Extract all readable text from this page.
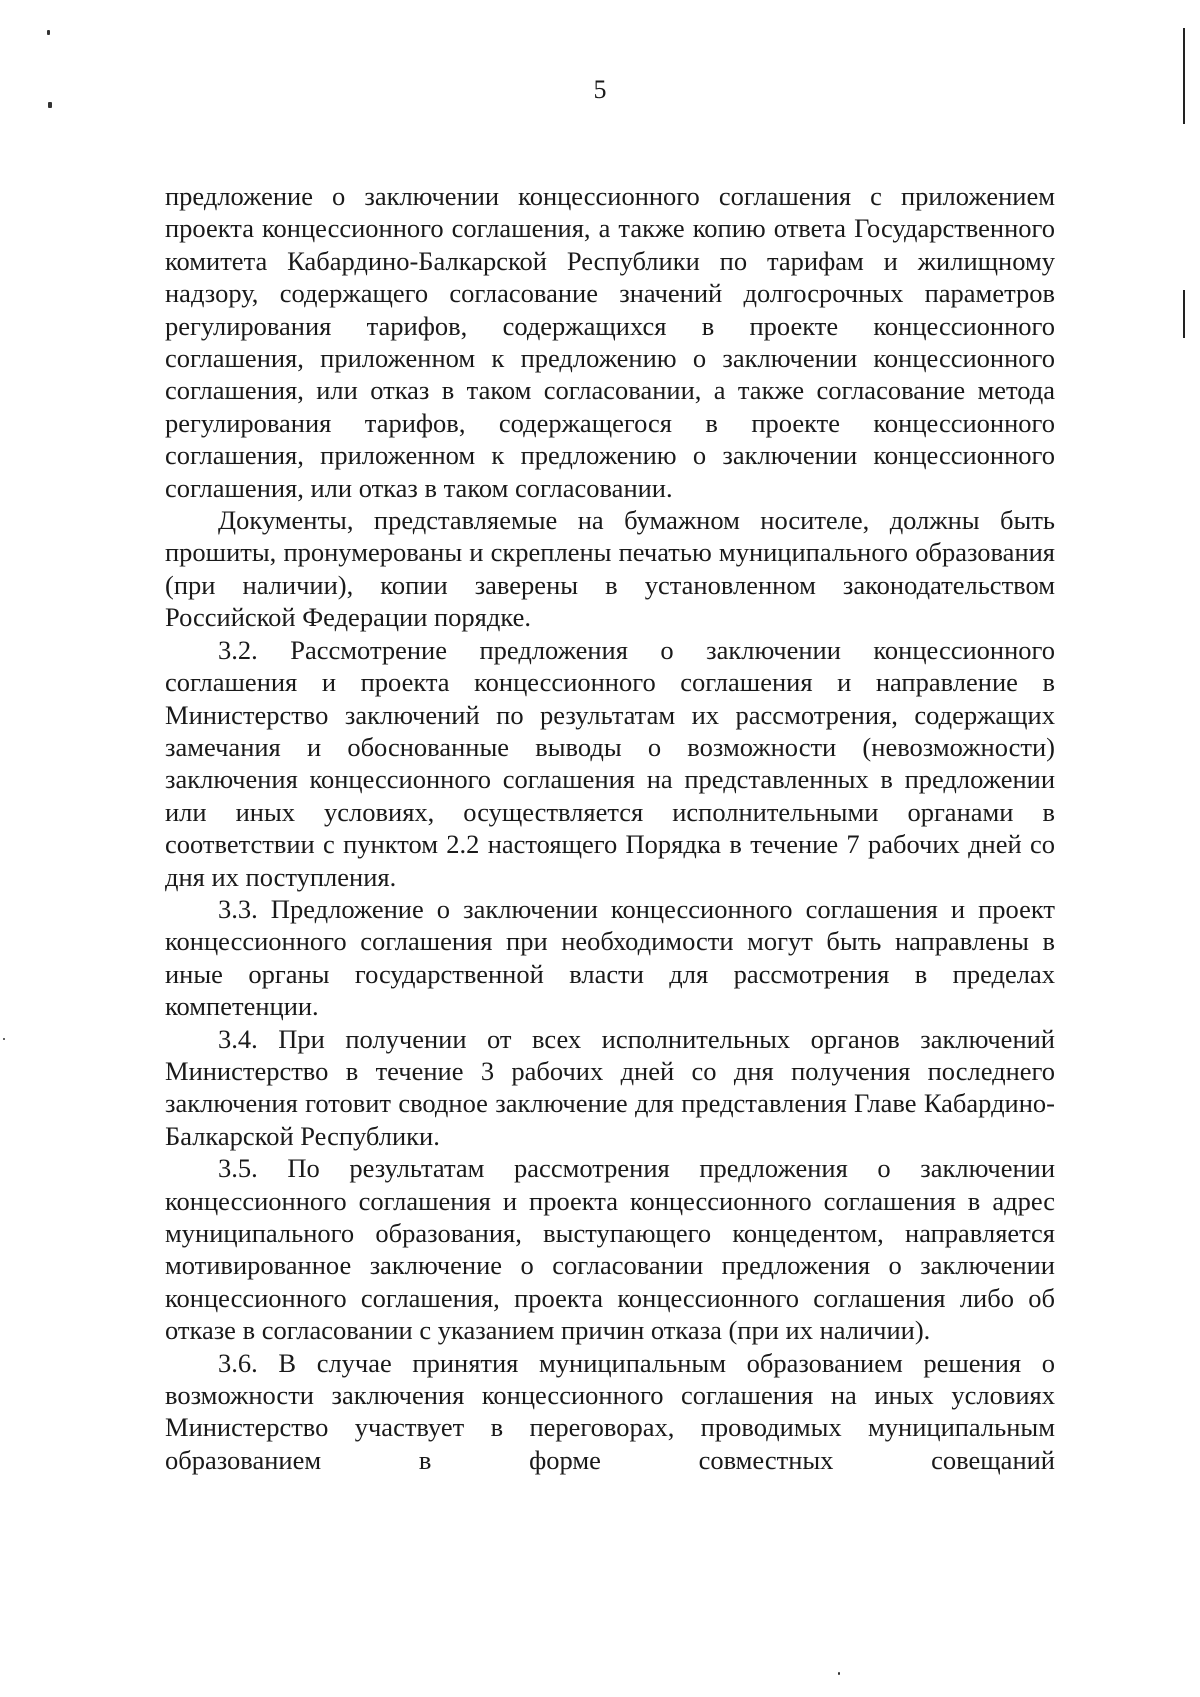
5

предложение о заключении концессионного соглашения с приложением проекта концессионного соглашения, а также копию ответа Государственного комитета Кабардино-Балкарской Республики по тарифам и жилищному надзору, содержащего согласование значений долгосрочных параметров регулирования тарифов, содержащихся в проекте концессионного соглашения, приложенном к предложению о заключении концессионного соглашения, или отказ в таком согласовании, а также согласование метода регулирования тарифов, содержащегося в проекте концессионного соглашения, приложенном к предложению о заключении концессионного соглашения, или отказ в таком согласовании.

Документы, представляемые на бумажном носителе, должны быть прошиты, пронумерованы и скреплены печатью муниципального образования (при наличии), копии заверены в установленном законодательством Российской Федерации порядке.

3.2. Рассмотрение предложения о заключении концессионного соглашения и проекта концессионного соглашения и направление в Министерство заключений по результатам их рассмотрения, содержащих замечания и обоснованные выводы о возможности (невозможности) заключения концессионного соглашения на представленных в предложении или иных условиях, осуществляется исполнительными органами в соответствии с пунктом 2.2 настоящего Порядка в течение 7 рабочих дней со дня их поступления.

3.3. Предложение о заключении концессионного соглашения и проект концессионного соглашения при необходимости могут быть направлены в иные органы государственной власти для рассмотрения в пределах компетенции.

3.4. При получении от всех исполнительных органов заключений Министерство в течение 3 рабочих дней со дня получения последнего заключения готовит сводное заключение для представления Главе Кабардино-Балкарской Республики.

3.5. По результатам рассмотрения предложения о заключении концессионного соглашения и проекта концессионного соглашения в адрес муниципального образования, выступающего концедентом, направляется мотивированное заключение о согласовании предложения о заключении концессионного соглашения, проекта концессионного соглашения либо об отказе в согласовании с указанием причин отказа (при их наличии).

3.6. В случае принятия муниципальным образованием решения о возможности заключения концессионного соглашения на иных условиях Министерство участвует в переговорах, проводимых муниципальным образованием в форме совместных совещаний
